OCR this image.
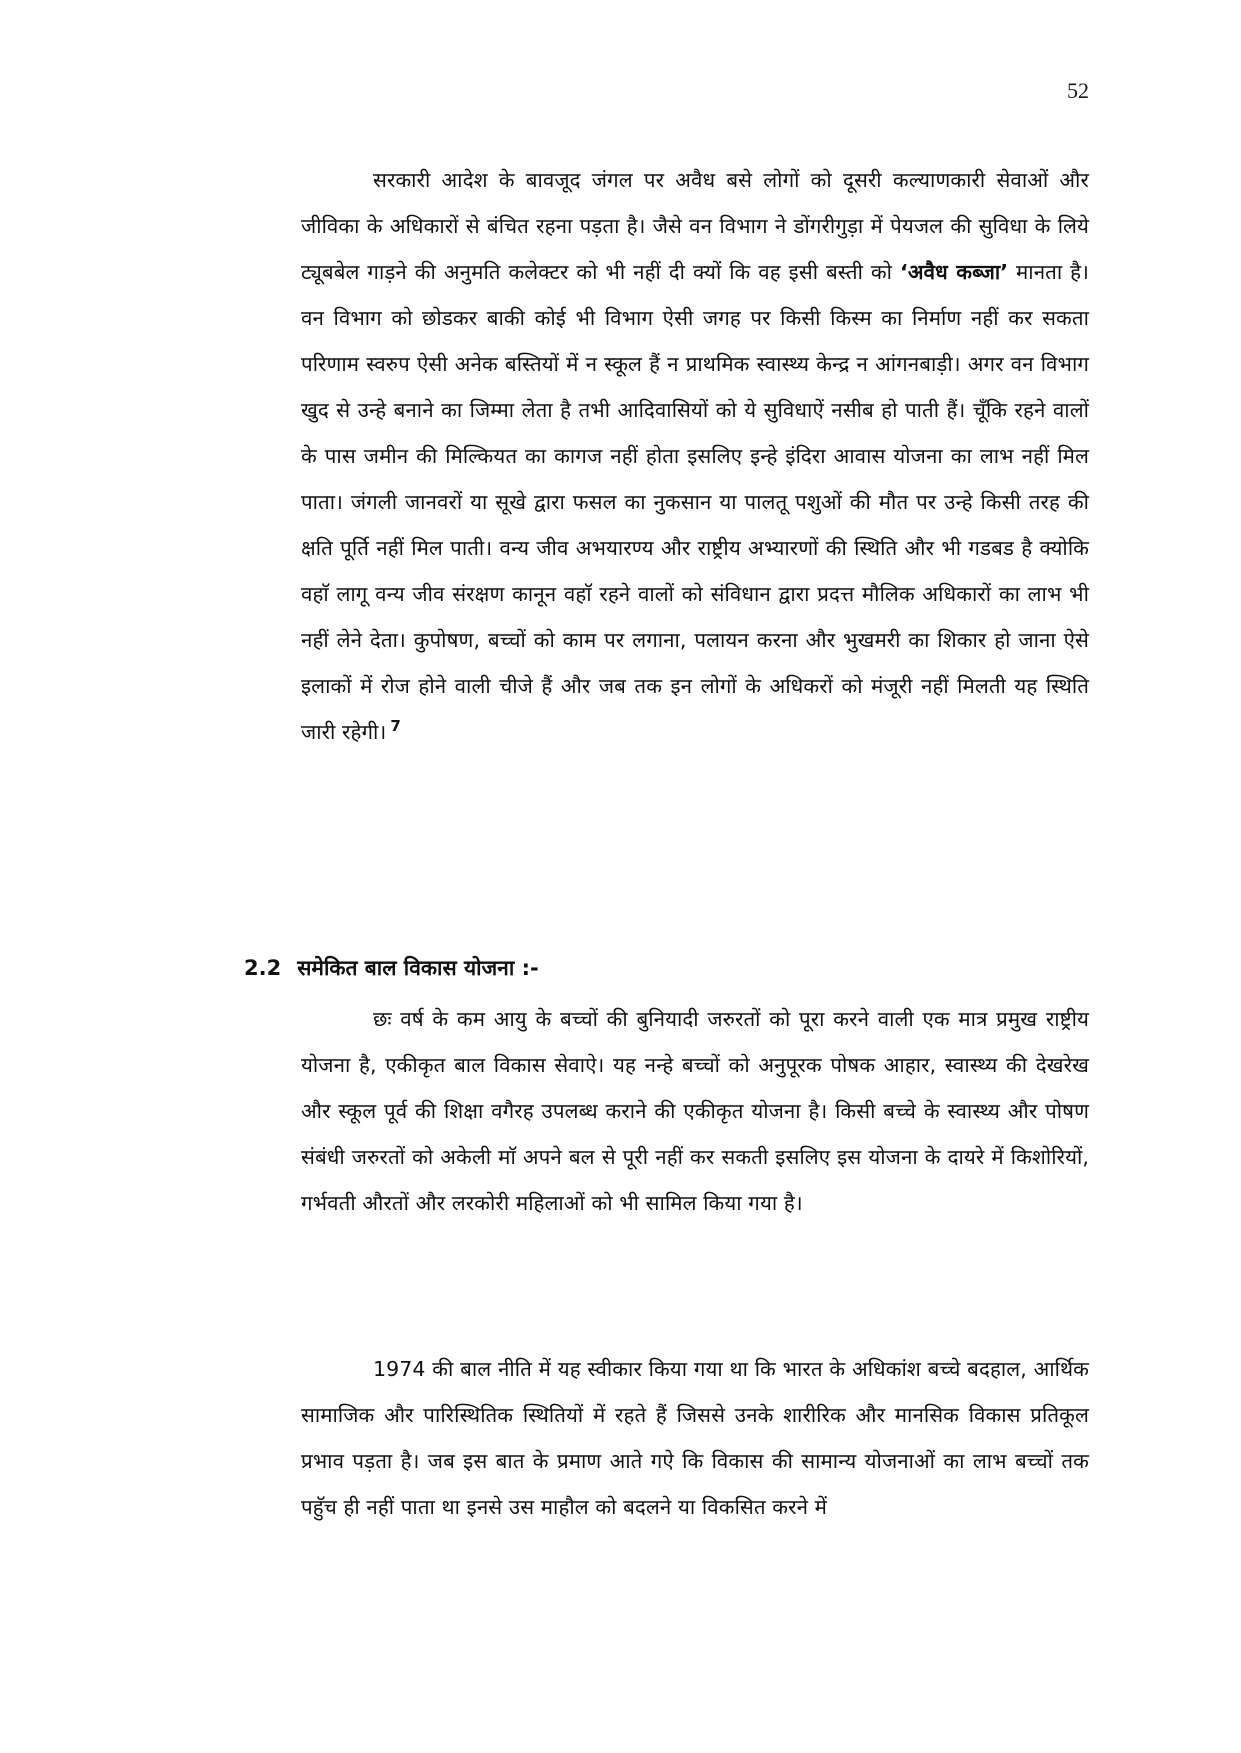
52

सरकारी आदेश के बावजूद जंगल पर अवैध बसे लोगों को दूसरी कल्याणकारी सेवाओं और जीविका के अधिकारों से बंचित रहना पड़ता है। जैसे वन विभाग ने डोंगरीगुड़ा में पेयजल की सुविधा के लिये ट्यूबबेल गाड़ने की अनुमति कलेक्टर को भी नहीं दी क्यों कि वह इसी बस्ती को ‘अवैध कब्जा’ मानता है। वन विभाग को छोडकर बाकी कोई भी विभाग ऐसी जगह पर किसी किस्म का निर्माण नहीं कर सकता परिणाम स्वरुप ऐसी अनेक बस्तियों में न स्कूल हैं न प्राथमिक स्वास्थ्य केन्द्र न आंगनबाड़ी। अगर वन विभाग खुद से उन्हे बनाने का जिम्मा लेता है तभी आदिवासियों को ये सुविधाऐं नसीब हो पाती हैं। चूँकि रहने वालों के पास जमीन की मिल्कियत का कागज नहीं होता इसलिए इन्हे इंदिरा आवास योजना का लाभ नहीं मिल पाता। जंगली जानवरों या सूखे द्वारा फसल का नुकसान या पालतू पशुओं की मौत पर उन्हे किसी तरह की क्षति पूर्ति नहीं मिल पाती। वन्य जीव अभयारण्य और राष्ट्रीय अभ्यारणों की स्थिति और भी गडबड है क्योकि वहाॅ लागू वन्य जीव संरक्षण कानून वहाॅ रहने वालों को संविधान द्वारा प्रदत्त मौलिक अधिकारों का लाभ भी नहीं लेने देता। कुपोषण, बच्चों को काम पर लगाना, पलायन करना और भुखमरी का शिकार हो जाना ऐसे इलाकों में रोज होने वाली चीजे हैं और जब तक इन लोगों के अधिकरों को मंजूरी नहीं मिलती यह स्थिति जारी रहेगी। $^7$

2.2 समेकित बाल विकास योजना :-

छः वर्ष के कम आयु के बच्चों की बुनियादी जरुरतों को पूरा करने वाली एक मात्र प्रमुख राष्ट्रीय योजना है, एकीकृत बाल विकास सेवाऐ। यह नन्हे बच्चों को अनुपूरक पोषक आहार, स्वास्थ्य की देखरेख और स्कूल पूर्व की शिक्षा वगैरह उपलब्ध कराने की एकीकृत योजना है। किसी बच्चे के स्वास्थ्य और पोषण संबंधी जरुरतों को अकेली माॅ अपने बल से पूरी नहीं कर सकती इसलिए इस योजना के दायरे में किशोरियों, गर्भवती औरतों और लरकोरी महिलाओं को भी सामिल किया गया है।

1974 की बाल नीति में यह स्वीकार किया गया था कि भारत के अधिकांश बच्चे बदहाल, आर्थिक सामाजिक और पारिस्थितिक स्थितियों में रहते हैं जिससे उनके शारीरिक और मानसिक विकास प्रतिकूल प्रभाव पड़ता है। जब इस बात के प्रमाण आते गऐ कि विकास की सामान्य योजनाओं का लाभ बच्चों तक पहुॅच ही नहीं पाता था इनसे उस माहौल को बदलने या विकसित करने में
